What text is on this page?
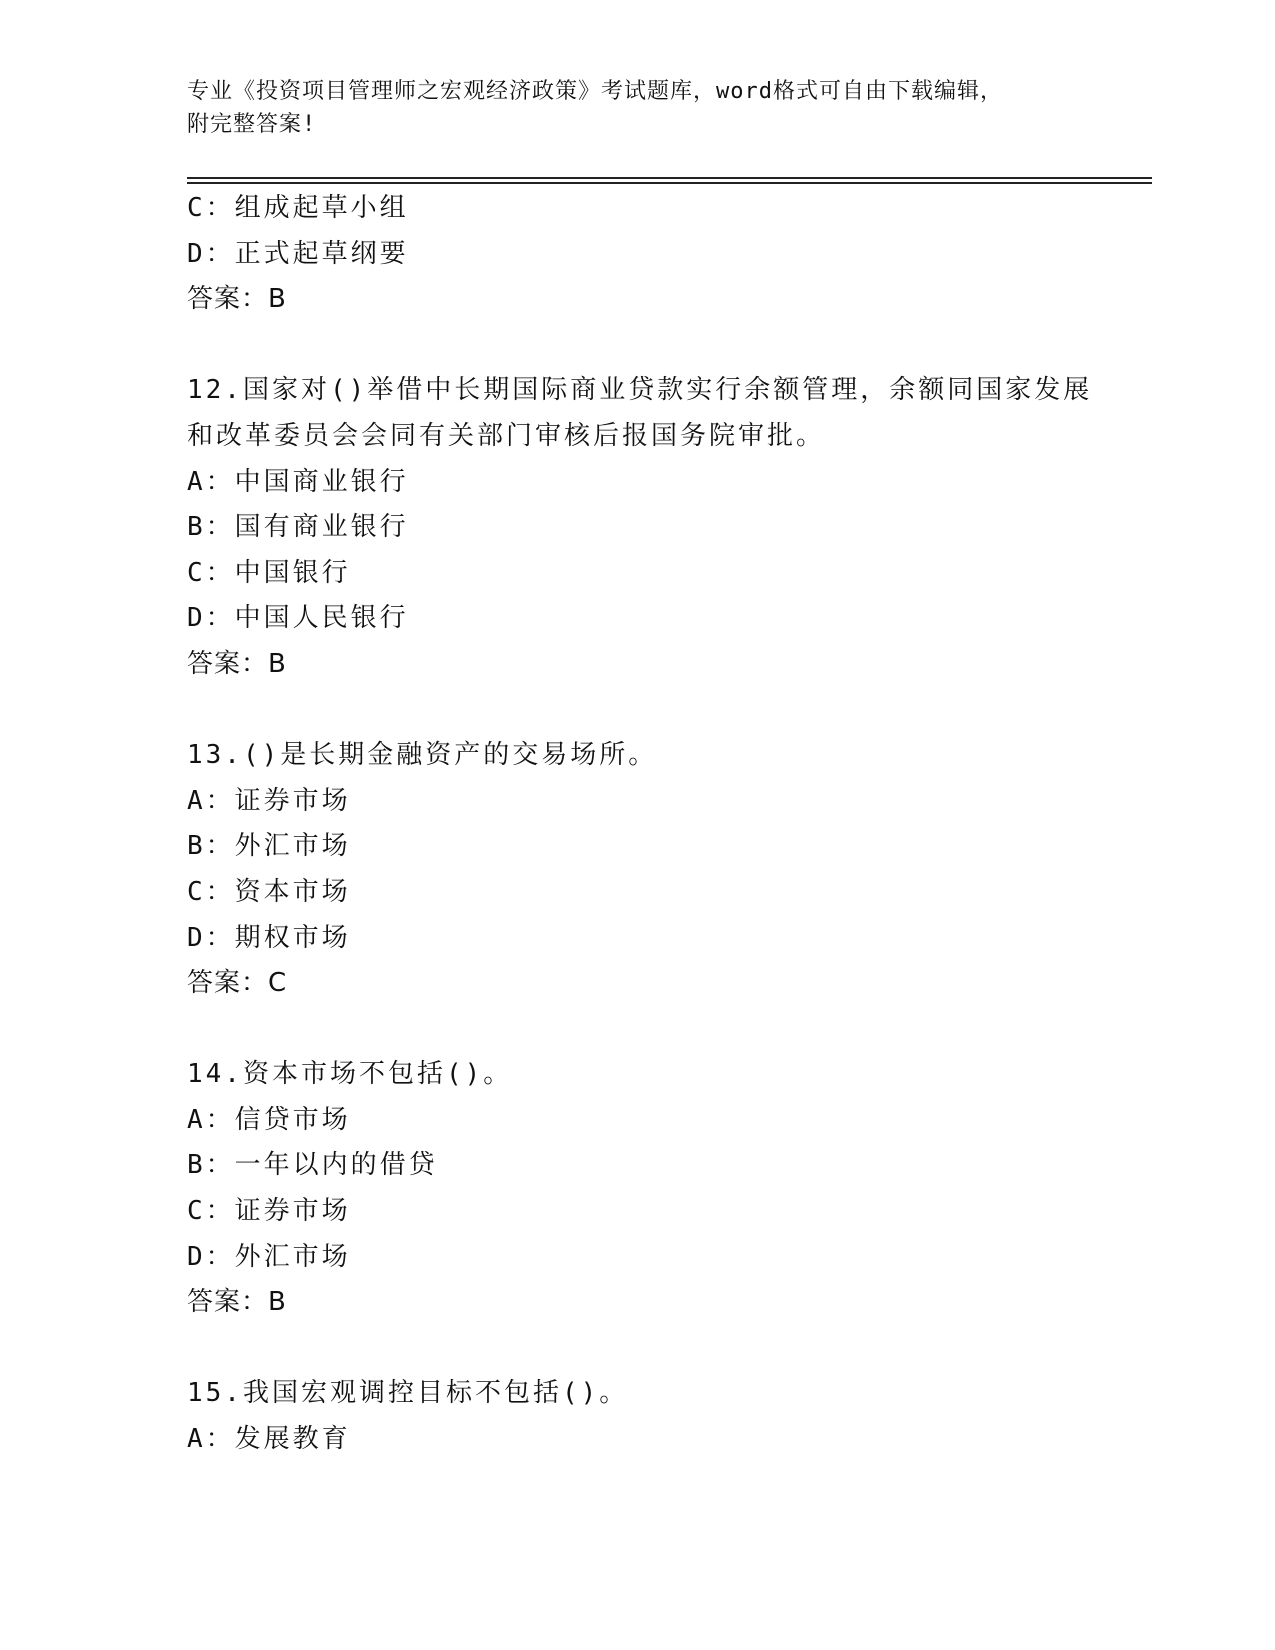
专业《投资项目管理师之宏观经济政策》考试题库，word格式可自由下载编辑，
附完整答案!
C：组成起草小组
D：正式起草纲要
答案：B
12.国家对()举借中长期国际商业贷款实行余额管理，余额同国家发展
和改革委员会会同有关部门审核后报国务院审批。
A：中国商业银行
B：国有商业银行
C：中国银行
D：中国人民银行
答案：B
13.()是长期金融资产的交易场所。
A：证券市场
B：外汇市场
C：资本市场
D：期权市场
答案：C
14.资本市场不包括()。
A：信贷市场
B：一年以内的借贷
C：证券市场
D：外汇市场
答案：B
15.我国宏观调控目标不包括()。
A：发展教育
